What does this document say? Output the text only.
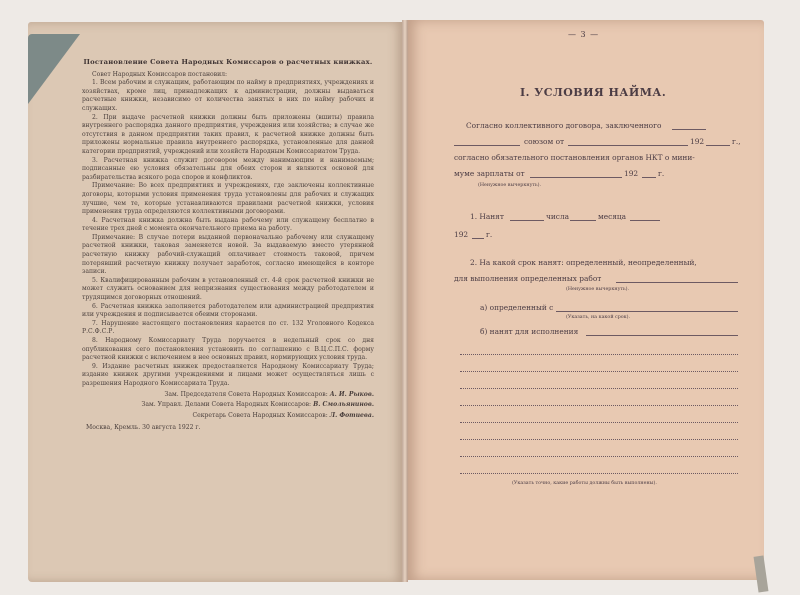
Постановление Совета Народных Комиссаров о расчетных книжках.

Совет Народных Комиссаров постановил:

1. Всем рабочим и служащим, работающим по найму в предприятиях, учреждениях и хозяйствах, кроме лиц, принадлежащих к администрации, должны выдаваться расчетные книжки, независимо от количества занятых в них по найму рабочих и служащих.

2. При выдаче расчетной книжки должны быть приложены (вшиты) правила внутреннего распорядка данного предприятия, учреждения или хозяйства; в случае же отсутствия в данном предприятии таких правил, к расчетной книжке должны быть приложены нормальные правила внутреннего распорядка, установленные для данной категории предприятий, учреждений или хозяйств Народным Комиссариатом Труда.

3. Расчетная книжка служит договором между нанимающим и нанимаемым; подписанные ею условия обязательны для обеих сторон и являются основой для разбирательства всякого рода споров и конфликтов.

Примечание: Во всех предприятиях и учреждениях, где заключены коллективные договоры, которыми условия применения труда установлены для рабочих и служащих лучшие, чем те, которые устанавливаются правилами расчетной книжки, условия применения труда определяются коллективными договорами.

4. Расчетная книжка должна быть выдана рабочему или служащему бесплатно в течение трех дней с момента окончательного приема на работу.

Примечание: В случае потери выданной первоначально рабочему или служащему расчетной книжки, таковая заменяется новой. За выдаваемую вместо утерянной расчетную книжку рабочий-служащий оплачивает стоимость таковой, причем потерявший расчетную книжку получает заработок, согласно имеющейся в конторе записи.

5. Квалифицированным рабочим в установленный ст. 4-й срок расчетной книжки не может служить основанием для непризнания существования между работодателем и трудящимся договорных отношений.

6. Расчетная книжка заполняется работодателем или администрацией предприятия или учреждения и подписывается обеими сторонами.

7. Нарушение настоящего постановления карается по ст. 132 Уголовного Кодекса Р.С.Ф.С.Р.

8. Народному Комиссариату Труда поручается в недельный срок со дня опубликования сего постановления установить по соглашению с В.Ц.С.П.С. форму расчетной книжки с включением в нее основных правил, нормирующих условия труда.

9. Издание расчетных книжек предоставляется Народному Комиссариату Труда; издание книжек другими учреждениями и лицами может осуществляться лишь с разрешения Народного Комиссариата Труда.

Зам. Председателя Совета Народных Комиссаров: А. И. Рыков.

Зам. Управл. Делами Совета Народных Комиссаров: В. Смольянинов.

Секретарь Совета Народных Комиссаров: Л. Фотиева.

Москва, Кремль. 30 августа 1922 г.

— 3 —
I. УСЛОВИЯ НАЙМА.
Согласно коллективного договора, заключенного
союзом от	192	г.,
согласно обязательного постановления органов НКТ о мини-
муме зарплаты от	192	г.
(Ненужное вычеркнуть).
1. Нанят	числа	месяца
192 г.
2. На какой срок нанят: определенный, неопределенный,
для выполнения определенных работ
(Ненужное вычеркнуть).
а) определенный с
(Указать, на какой срок).
б) нанят для исполнения
(Указать точно, какие работы должны быть выполнены).
